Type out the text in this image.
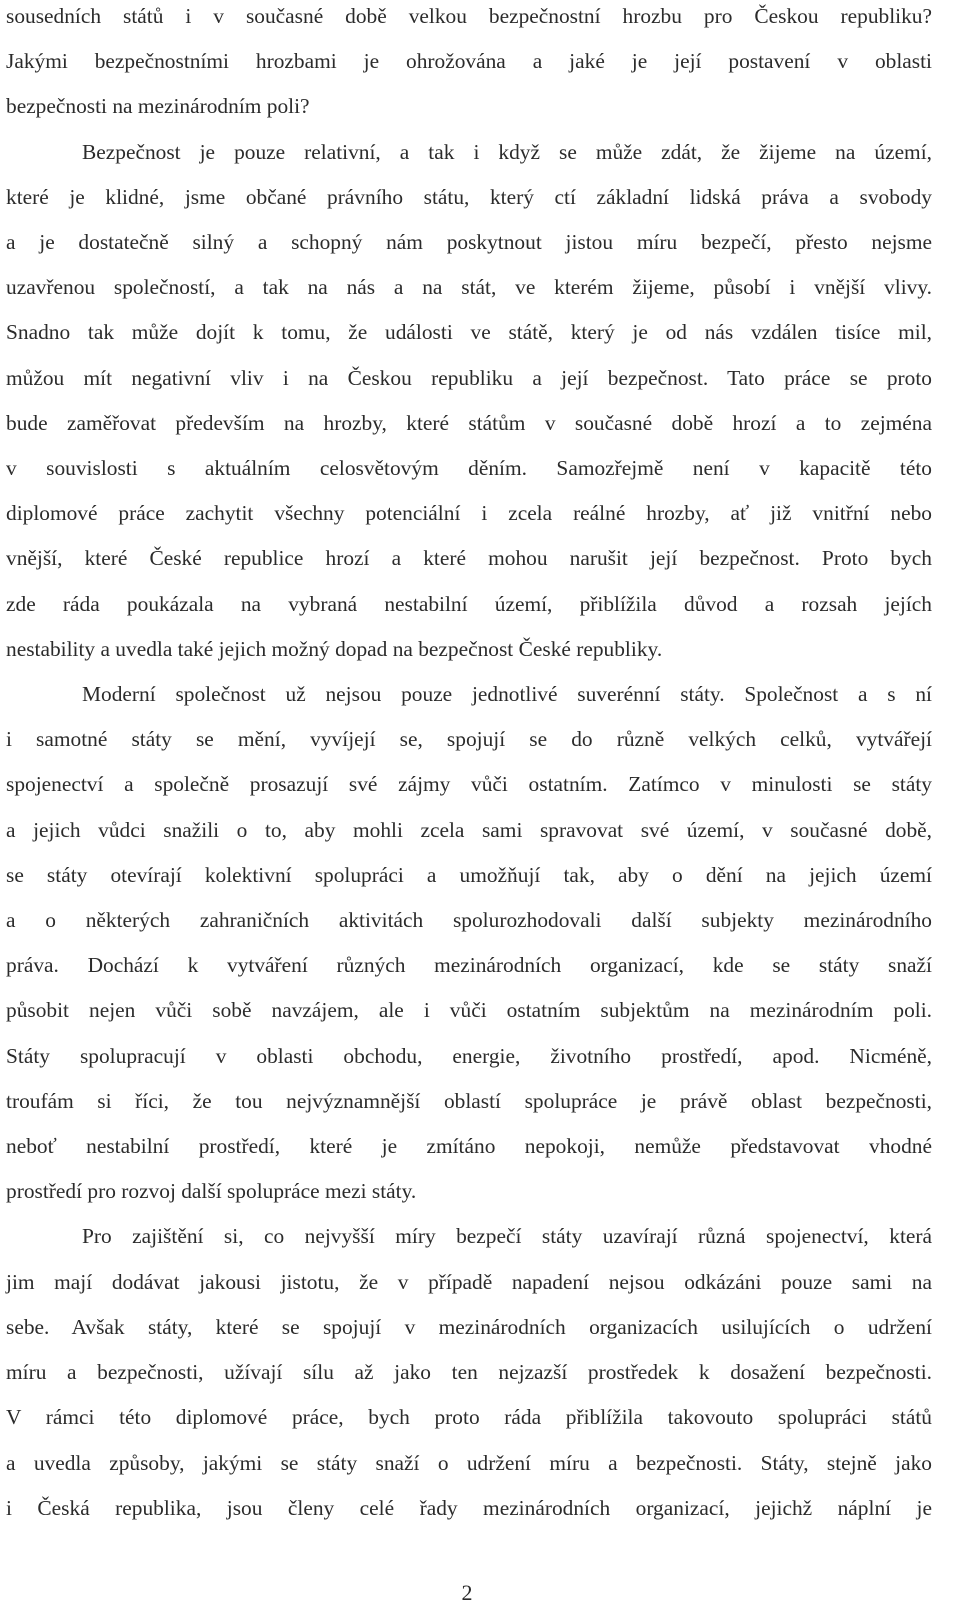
sousedních států i v současné době velkou bezpečnostní hrozbu pro Českou republiku?
Jakými bezpečnostními hrozbami je ohrožována a jaké je její postavení v oblasti
bezpečnosti na mezinárodním poli?

Bezpečnost je pouze relativní, a tak i když se může zdát, že žijeme na území,
které je klidné, jsme občané právního státu, který ctí základní lidská práva a svobody
a je dostatečně silný a schopný nám poskytnout jistou míru bezpečí, přesto nejsme
uzavřenou společností, a tak na nás a na stát, ve kterém žijeme, působí i vnější vlivy.
Snadno tak může dojít k tomu, že události ve státě, který je od nás vzdálen tisíce mil,
můžou mít negativní vliv i na Českou republiku a její bezpečnost. Tato práce se proto
bude zaměřovat především na hrozby, které státům v současné době hrozí a to zejména
v souvislosti s aktuálním celosvětovým děním. Samozřejmě není v kapacitě této
diplomové práce zachytit všechny potenciální i zcela reálné hrozby, ať již vnitřní nebo
vnější, které České republice hrozí a které mohou narušit její bezpečnost. Proto bych
zde ráda poukázala na vybraná nestabilní území, přiblížila důvod a rozsah jejích
nestability a uvedla také jejich možný dopad na bezpečnost České republiky.

Moderní společnost už nejsou pouze jednotlivé suverénní státy. Společnost a s ní
i samotné státy se mění, vyvíjejí se, spojují se do různě velkých celků, vytvářejí
spojenectví a společně prosazují své zájmy vůči ostatním. Zatímco v minulosti se státy
a jejich vůdci snažili o to, aby mohli zcela sami spravovat své území, v současné době,
se státy otevírají kolektivní spolupráci a umožňují tak, aby o dění na jejich území
a o některých zahraničních aktivitách spolurozhodovali další subjekty mezinárodního
práva. Dochází k vytváření různých mezinárodních organizací, kde se státy snaží
působit nejen vůči sobě navzájem, ale i vůči ostatním subjektům na mezinárodním poli.
Státy spolupracují v oblasti obchodu, energie, životního prostředí, apod. Nicméně,
troufám si říci, že tou nejvýznamnější oblastí spolupráce je právě oblast bezpečnosti,
neboť nestabilní prostředí, které je zmítáno nepokoji, nemůže představovat vhodné
prostředí pro rozvoj další spolupráce mezi státy.

Pro zajištění si, co nejvyšší míry bezpečí státy uzavírají různá spojenectví, která
jim mají dodávat jakousi jistotu, že v případě napadení nejsou odkázáni pouze sami na
sebe. Avšak státy, které se spojují v mezinárodních organizacích usilujících o udržení
míru a bezpečnosti, užívají sílu až jako ten nejzazší prostředek k dosažení bezpečnosti.
V rámci této diplomové práce, bych proto ráda přiblížila takovouto spolupráci států
a uvedla způsoby, jakými se státy snaží o udržení míru a bezpečnosti. Státy, stejně jako
i Česká republika, jsou členy celé řady mezinárodních organizací, jejichž náplní je

2
